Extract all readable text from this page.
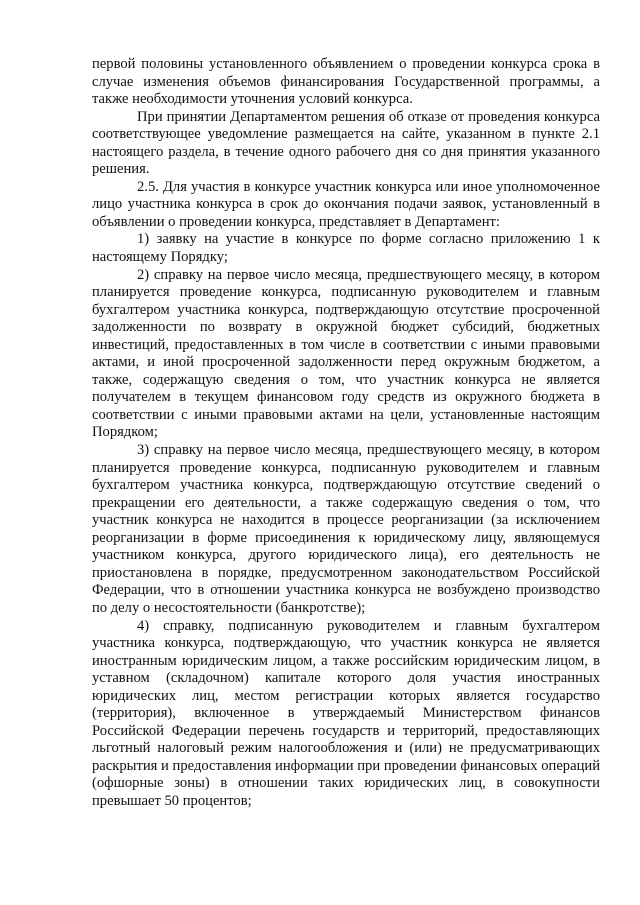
первой половины установленного объявлением о проведении конкурса срока в случае изменения объемов финансирования Государственной программы, а также необходимости уточнения условий конкурса.

При принятии Департаментом решения об отказе от проведения конкурса соответствующее уведомление размещается на сайте, указанном в пункте 2.1 настоящего раздела, в течение одного рабочего дня со дня принятия указанного решения.

2.5. Для участия в конкурсе участник конкурса или иное уполномоченное лицо участника конкурса в срок до окончания подачи заявок, установленный в объявлении о проведении конкурса, представляет в Департамент:

1) заявку на участие в конкурсе по форме согласно приложению 1 к настоящему Порядку;

2) справку на первое число месяца, предшествующего месяцу, в котором планируется проведение конкурса, подписанную руководителем и главным бухгалтером участника конкурса, подтверждающую отсутствие просроченной задолженности по возврату в окружной бюджет субсидий, бюджетных инвестиций, предоставленных в том числе в соответствии с иными правовыми актами, и иной просроченной задолженности перед окружным бюджетом, а также, содержащую сведения о том, что участник конкурса не является получателем в текущем финансовом году средств из окружного бюджета в соответствии с иными правовыми актами на цели, установленные настоящим Порядком;

3) справку на первое число месяца, предшествующего месяцу, в котором планируется проведение конкурса, подписанную руководителем и главным бухгалтером участника конкурса, подтверждающую отсутствие сведений о прекращении его деятельности, а также содержащую сведения о том, что участник конкурса не находится в процессе реорганизации (за исключением реорганизации в форме присоединения к юридическому лицу, являющемуся участником конкурса, другого юридического лица), его деятельность не приостановлена в порядке, предусмотренном законодательством Российской Федерации, что в отношении участника конкурса не возбуждено производство по делу о несостоятельности (банкротстве);

4) справку, подписанную руководителем и главным бухгалтером участника конкурса, подтверждающую, что участник конкурса не является иностранным юридическим лицом, а также российским юридическим лицом, в уставном (складочном) капитале которого доля участия иностранных юридических лиц, местом регистрации которых является государство (территория), включенное в утверждаемый Министерством финансов Российской Федерации перечень государств и территорий, предоставляющих льготный налоговый режим налогообложения и (или) не предусматривающих раскрытия и предоставления информации при проведении финансовых операций (офшорные зоны) в отношении таких юридических лиц, в совокупности превышает 50 процентов;
